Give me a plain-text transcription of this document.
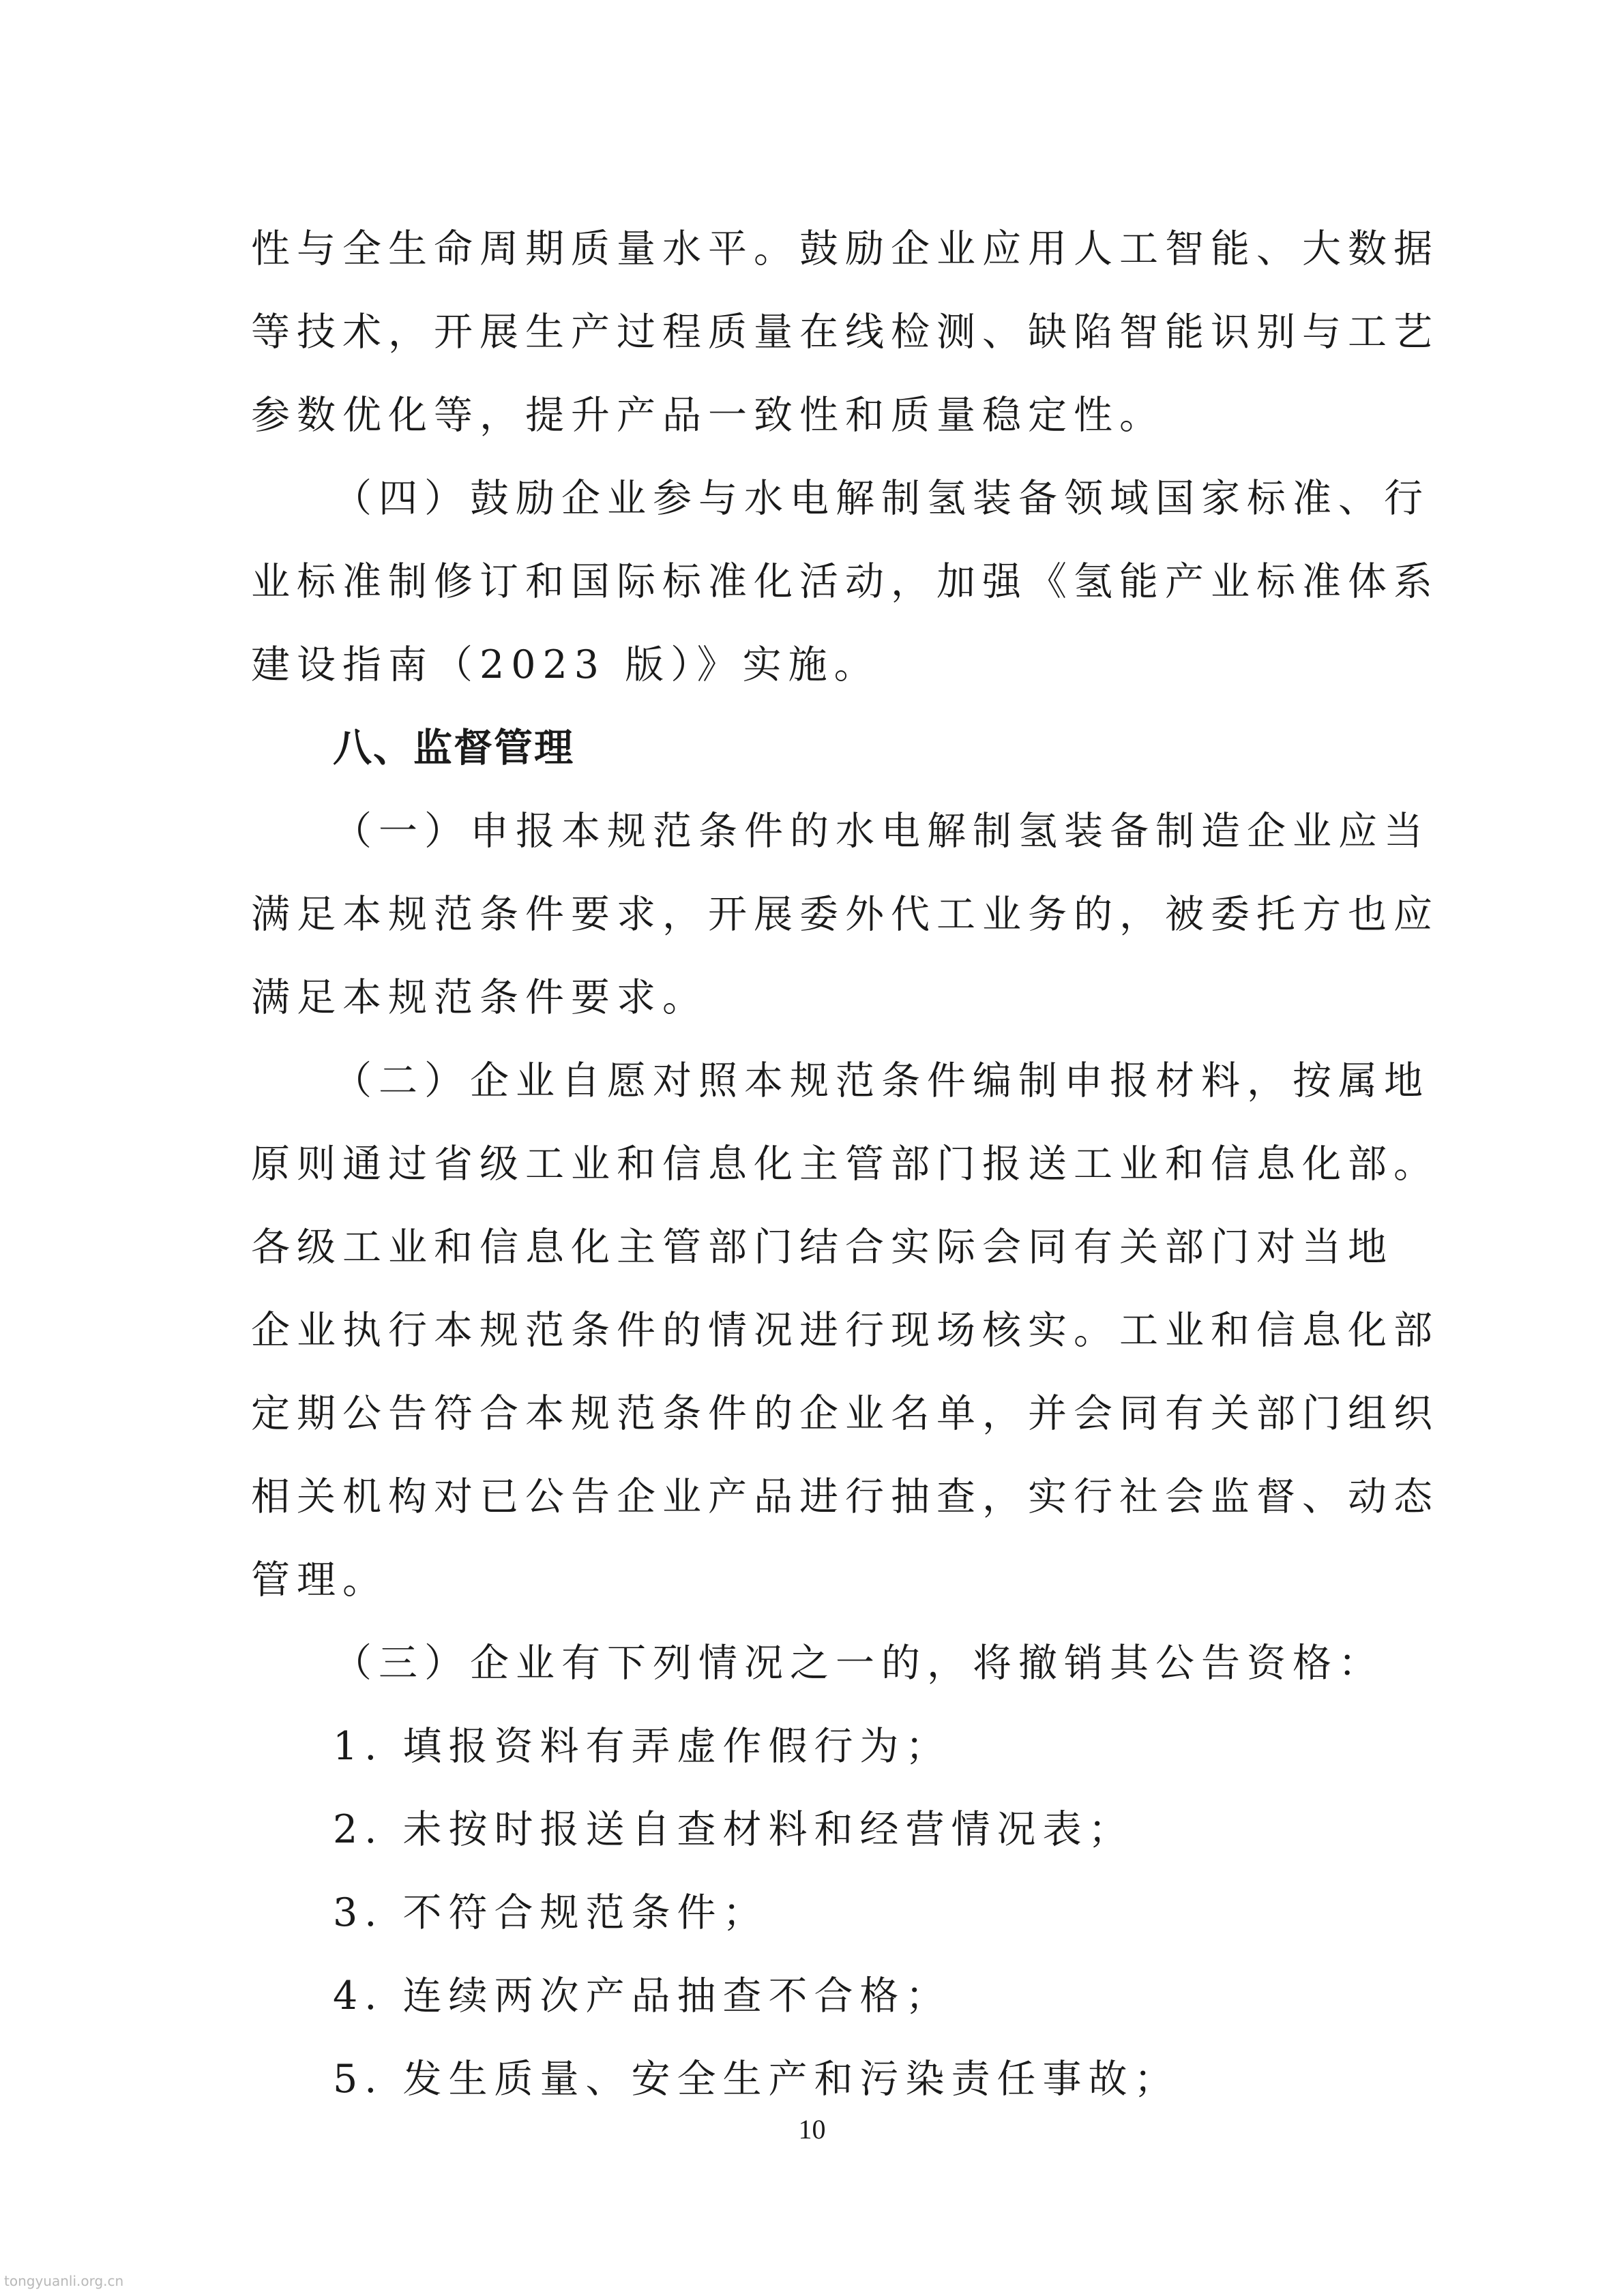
性与全生命周期质量水平。鼓励企业应用人工智能、大数据
等技术，开展生产过程质量在线检测、缺陷智能识别与工艺
参数优化等，提升产品一致性和质量稳定性。
（四）鼓励企业参与水电解制氢装备领域国家标准、行
业标准制修订和国际标准化活动，加强《氢能产业标准体系
建设指南（2023 版）》实施。
八、监督管理
（一）申报本规范条件的水电解制氢装备制造企业应当
满足本规范条件要求，开展委外代工业务的，被委托方也应
满足本规范条件要求。
（二）企业自愿对照本规范条件编制申报材料，按属地
原则通过省级工业和信息化主管部门报送工业和信息化部。
各级工业和信息化主管部门结合实际会同有关部门对当地
企业执行本规范条件的情况进行现场核实。工业和信息化部
定期公告符合本规范条件的企业名单，并会同有关部门组织
相关机构对已公告企业产品进行抽查，实行社会监督、动态
管理。
（三）企业有下列情况之一的，将撤销其公告资格：
1. 填报资料有弄虚作假行为；
2. 未按时报送自查材料和经营情况表；
3. 不符合规范条件；
4. 连续两次产品抽查不合格；
5. 发生质量、安全生产和污染责任事故；
10
tongyuanli.org.cn
